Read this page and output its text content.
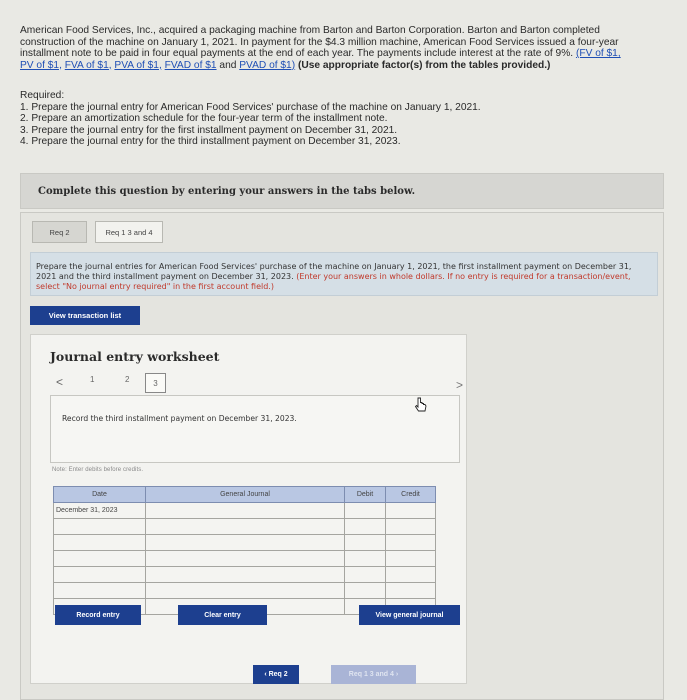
American Food Services, Inc., acquired a packaging machine from Barton and Barton Corporation. Barton and Barton completed
construction of the machine on January 1, 2021. In payment for the $4.3 million machine, American Food Services issued a four-year
installment note to be paid in four equal payments at the end of each year. The payments include interest at the rate of 9%. (FV of $1,
PV of $1, FVA of $1, PVA of $1, FVAD of $1 and PVAD of $1) (Use appropriate factor(s) from the tables provided.)
Required:
1. Prepare the journal entry for American Food Services' purchase of the machine on January 1, 2021.
2. Prepare an amortization schedule for the four-year term of the installment note.
3. Prepare the journal entry for the first installment payment on December 31, 2021.
4. Prepare the journal entry for the third installment payment on December 31, 2023.
Complete this question by entering your answers in the tabs below.
Req 2	Req 1 3 and 4
Prepare the journal entries for American Food Services' purchase of the machine on January 1, 2021, the first installment payment on December 31, 2021 and the third installment payment on December 31, 2023. (Enter your answers in whole dollars. If no entry is required for a transaction/event, select "No journal entry required" in the first account field.)
View transaction list
Journal entry worksheet
<	1	2	3	>
Record the third installment payment on December 31, 2023.
Note: Enter debits before credits.
Date	General Journal	Debit	Credit
December 31, 2023			

Record entry	Clear entry	View general journal
‹ Req 2	Req 1 3 and 4 ›
